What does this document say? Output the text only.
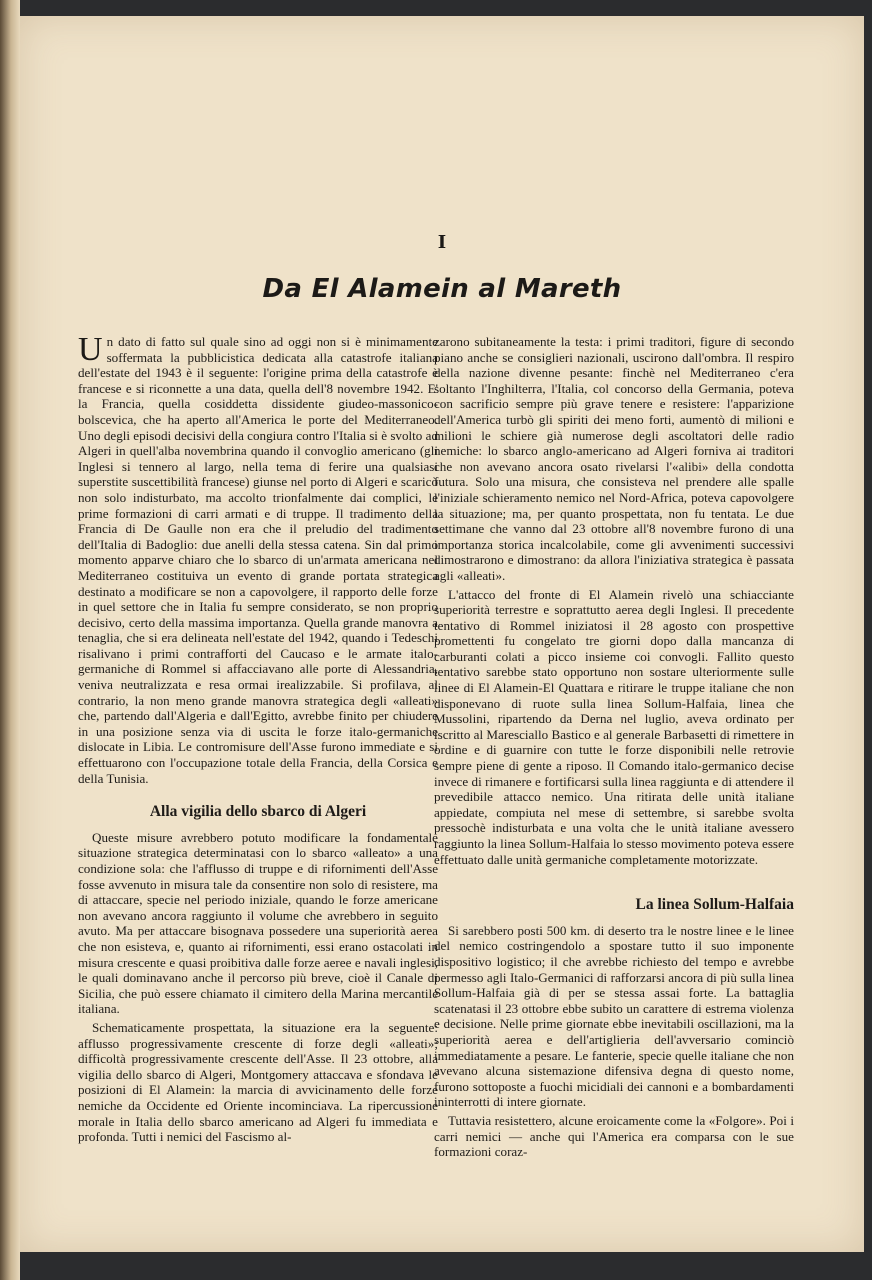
I
Da El Alamein al Mareth

Un dato di fatto sul quale sino ad oggi non si è minimamente soffermata la pubblicistica dedicata alla catastrofe italiana dell'estate del 1943 è il seguente: l'origine prima della catastrofe è francese e si riconnette a una data, quella dell'8 novembre 1942. E' la Francia, quella cosiddetta dissidente giudeo-massonico-bolscevica, che ha aperto all'America le porte del Mediterraneo. Uno degli episodi decisivi della congiura contro l'Italia si è svolto ad Algeri in quell'alba novembrina quando il convoglio americano (gli Inglesi si tennero al largo, nella tema di ferire una qualsiasi superstite suscettibilità francese) giunse nel porto di Algeri e scaricò non solo indisturbato, ma accolto trionfalmente dai complici, le prime formazioni di carri armati e di truppe. Il tradimento della Francia di De Gaulle non era che il preludio del tradimento dell'Italia di Badoglio: due anelli della stessa catena. Sin dal primo momento apparve chiaro che lo sbarco di un'armata americana nel Mediterraneo costituiva un evento di grande portata strategica destinato a modificare se non a capovolgere, il rapporto delle forze in quel settore che in Italia fu sempre considerato, se non proprio decisivo, certo della massima importanza. Quella grande manovra a tenaglia, che si era delineata nell'estate del 1942, quando i Tedeschi risalivano i primi contrafforti del Caucaso e le armate italo-germaniche di Rommel si affacciavano alle porte di Alessandria, veniva neutralizzata e resa ormai irealizzabile. Si profilava, al contrario, la non meno grande manovra strategica degli «alleati» che, partendo dall'Algeria e dall'Egitto, avrebbe finito per chiudere in una posizione senza via di uscita le forze italo-germaniche dislocate in Libia. Le contromisure dell'Asse furono immediate e si effettuarono con l'occupazione totale della Francia, della Corsica e della Tunisia.

Alla vigilia dello sbarco di Algeri

Queste misure avrebbero potuto modificare la fondamentale situazione strategica determinatasi con lo sbarco «alleato» a una condizione sola: che l'afflusso di truppe e di rifornimenti dell'Asse fosse avvenuto in misura tale da consentire non solo di resistere, ma di attaccare, specie nel periodo iniziale, quando le forze americane non avevano ancora raggiunto il volume che avrebbero in seguito avuto. Ma per attaccare bisognava possedere una superiorità aerea che non esisteva, e, quanto ai rifornimenti, essi erano ostacolati in misura crescente e quasi proibitiva dalle forze aeree e navali inglesi, le quali dominavano anche il percorso più breve, cioè il Canale di Sicilia, che può essere chiamato il cimitero della Marina mercantile italiana.

Schematicamente prospettata, la situazione era la seguente: afflusso progressivamente crescente di forze degli «alleati»; difficoltà progressivamente crescente dell'Asse. Il 23 ottobre, alla vigilia dello sbarco di Algeri, Montgomery attaccava e sfondava le posizioni di El Alamein: la marcia di avvicinamento delle forze nemiche da Occidente ed Oriente incominciava. La ripercussione morale in Italia dello sbarco americano ad Algeri fu immediata e profonda. Tutti i nemici del Fascismo al-

zarono subitaneamente la testa: i primi traditori, figure di secondo piano anche se consiglieri nazionali, uscirono dall'ombra. Il respiro della nazione divenne pesante: finchè nel Mediterraneo c'era soltanto l'Inghilterra, l'Italia, col concorso della Germania, poteva con sacrificio sempre più grave tenere e resistere: l'apparizione dell'America turbò gli spiriti dei meno forti, aumentò di milioni e milioni le schiere già numerose degli ascoltatori delle radio nemiche: lo sbarco anglo-americano ad Algeri forniva ai traditori che non avevano ancora osato rivelarsi l'«alibi» della condotta futura. Solo una misura, che consisteva nel prendere alle spalle l'iniziale schieramento nemico nel Nord-Africa, poteva capovolgere la situazione; ma, per quanto prospettata, non fu tentata. Le due settimane che vanno dal 23 ottobre all'8 novembre furono di una importanza storica incalcolabile, come gli avvenimenti successivi dimostrarono e dimostrano: da allora l'iniziativa strategica è passata agli «alleati».

L'attacco del fronte di El Alamein rivelò una schiacciante superiorità terrestre e soprattutto aerea degli Inglesi. Il precedente tentativo di Rommel iniziatosi il 28 agosto con prospettive promettenti fu congelato tre giorni dopo dalla mancanza di carburanti colati a picco insieme coi convogli. Fallito questo tentativo sarebbe stato opportuno non sostare ulteriormente sulle linee di El Alamein-El Quattara e ritirare le truppe italiane che non disponevano di ruote sulla linea Sollum-Halfaia, linea che Mussolini, ripartendo da Derna nel luglio, aveva ordinato per iscritto al Maresciallo Bastico e al generale Barbasetti di rimettere in ordine e di guarnire con tutte le forze disponibili nelle retrovie sempre piene di gente a riposo. Il Comando italo-germanico decise invece di rimanere e fortificarsi sulla linea raggiunta e di attendere il prevedibile attacco nemico. Una ritirata delle unità italiane appiedate, compiuta nel mese di settembre, si sarebbe svolta pressochè indisturbata e una volta che le unità italiane avessero raggiunto la linea Sollum-Halfaia lo stesso movimento poteva essere effettuato dalle unità germaniche completamente motorizzate.

La linea Sollum-Halfaia

Si sarebbero posti 500 km. di deserto tra le nostre linee e le linee del nemico costringendolo a spostare tutto il suo imponente dispositivo logistico; il che avrebbe richiesto del tempo e avrebbe permesso agli Italo-Germanici di rafforzarsi ancora di più sulla linea Sollum-Halfaia già di per se stessa assai forte. La battaglia scatenatasi il 23 ottobre ebbe subito un carattere di estrema violenza e decisione. Nelle prime giornate ebbe inevitabili oscillazioni, ma la superiorità aerea e dell'artiglieria dell'avversario cominciò immediatamente a pesare. Le fanterie, specie quelle italiane che non avevano alcuna sistemazione difensiva degna di questo nome, furono sottoposte a fuochi micidiali dei cannoni e a bombardamenti ininterrotti di intere giornate.

Tuttavia resistettero, alcune eroicamente come la «Folgore». Poi i carri nemici — anche qui l'America era comparsa con le sue formazioni coraz-
